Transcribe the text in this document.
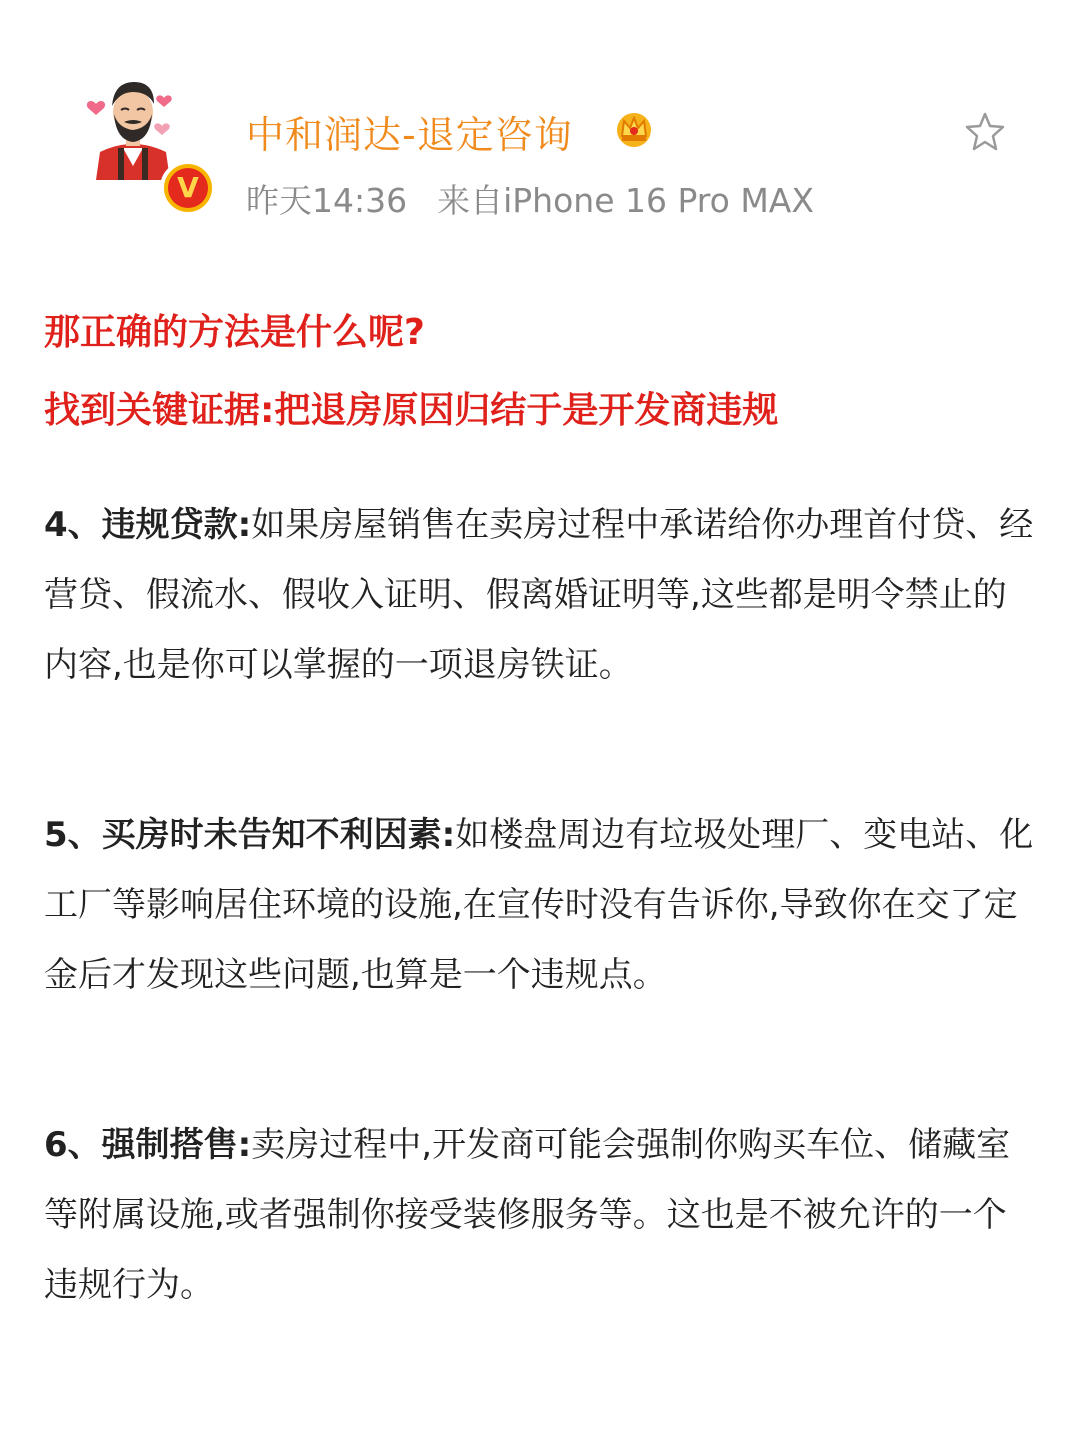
V
中和润达-退定咨询
昨天14:36 来自iPhone 16 Pro MAX

那正确的方法是什么呢?

找到关键证据:把退房原因归结于是开发商违规

4、违规贷款:如果房屋销售在卖房过程中承诺给你办理首付贷、经营贷、假流水、假收入证明、假离婚证明等,这些都是明令禁止的内容,也是你可以掌握的一项退房铁证。

5、买房时未告知不利因素:如楼盘周边有垃圾处理厂、变电站、化工厂等影响居住环境的设施,在宣传时没有告诉你,导致你在交了定金后才发现这些问题,也算是一个违规点。

6、强制搭售:卖房过程中,开发商可能会强制你购买车位、储藏室等附属设施,或者强制你接受装修服务等。这也是不被允许的一个违规行为。
